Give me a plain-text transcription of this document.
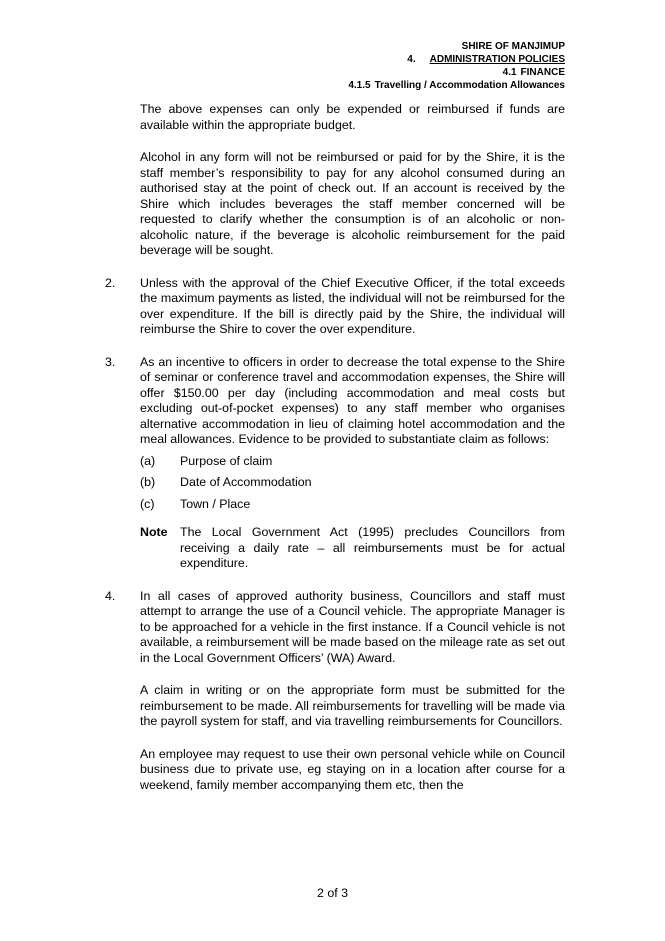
SHIRE OF MANJIMUP
4. ADMINISTRATION POLICIES
4.1 FINANCE
4.1.5 Travelling / Accommodation Allowances
The above expenses can only be expended or reimbursed if funds are available within the appropriate budget.
Alcohol in any form will not be reimbursed or paid for by the Shire, it is the staff member’s responsibility to pay for any alcohol consumed during an authorised stay at the point of check out. If an account is received by the Shire which includes beverages the staff member concerned will be requested to clarify whether the consumption is of an alcoholic or non-alcoholic nature, if the beverage is alcoholic reimbursement for the paid beverage will be sought.
2. Unless with the approval of the Chief Executive Officer, if the total exceeds the maximum payments as listed, the individual will not be reimbursed for the over expenditure. If the bill is directly paid by the Shire, the individual will reimburse the Shire to cover the over expenditure.
3. As an incentive to officers in order to decrease the total expense to the Shire of seminar or conference travel and accommodation expenses, the Shire will offer $150.00 per day (including accommodation and meal costs but excluding out-of-pocket expenses) to any staff member who organises alternative accommodation in lieu of claiming hotel accommodation and the meal allowances. Evidence to be provided to substantiate claim as follows:
(a) Purpose of claim
(b) Date of Accommodation
(c) Town / Place
Note The Local Government Act (1995) precludes Councillors from receiving a daily rate – all reimbursements must be for actual expenditure.
4. In all cases of approved authority business, Councillors and staff must attempt to arrange the use of a Council vehicle. The appropriate Manager is to be approached for a vehicle in the first instance. If a Council vehicle is not available, a reimbursement will be made based on the mileage rate as set out in the Local Government Officers’ (WA) Award.
A claim in writing or on the appropriate form must be submitted for the reimbursement to be made. All reimbursements for travelling will be made via the payroll system for staff, and via travelling reimbursements for Councillors.
An employee may request to use their own personal vehicle while on Council business due to private use, eg staying on in a location after course for a weekend, family member accompanying them etc, then the
2 of 3
